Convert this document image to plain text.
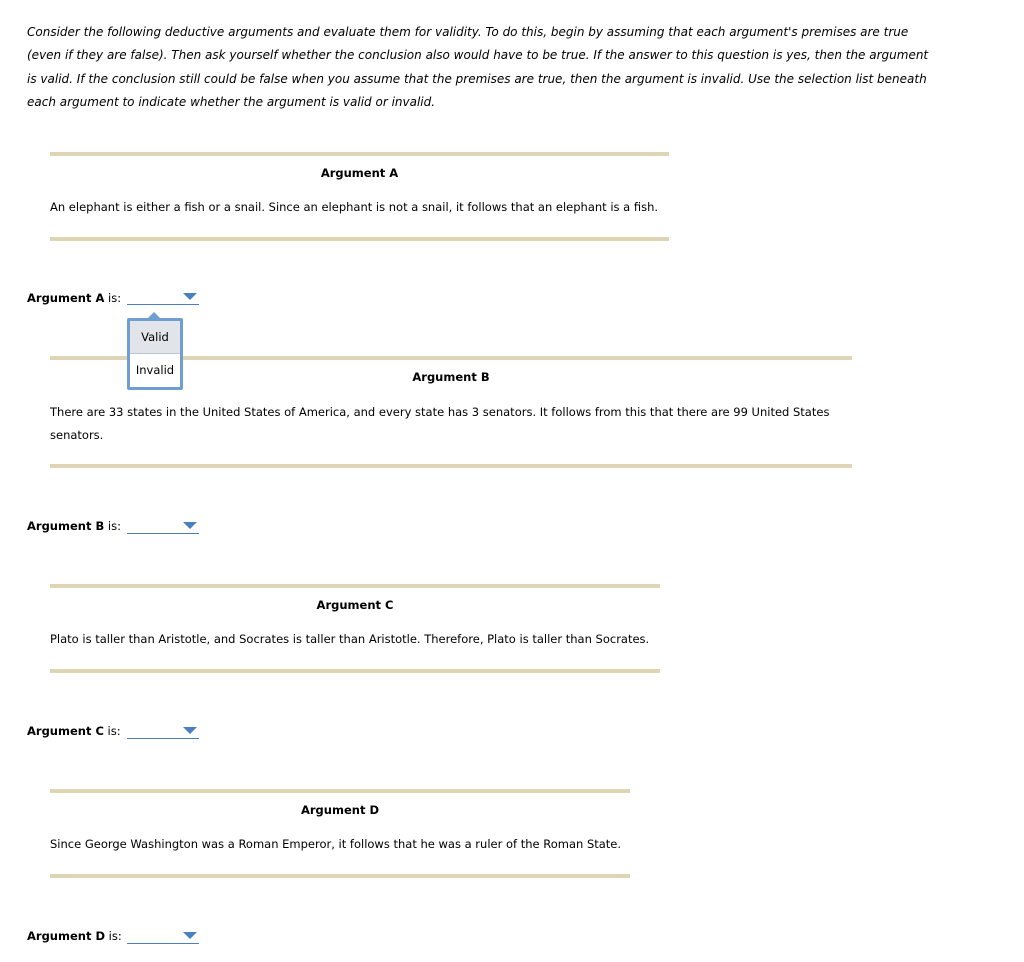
Consider the following deductive arguments and evaluate them for validity. To do this, begin by assuming that each argument's premises are true
(even if they are false). Then ask yourself whether the conclusion also would have to be true. If the answer to this question is yes, then the argument
is valid. If the conclusion still could be false when you assume that the premises are true, then the argument is invalid. Use the selection list beneath
each argument to indicate whether the argument is valid or invalid.
Argument A
An elephant is either a fish or a snail. Since an elephant is not a snail, it follows that an elephant is a fish.
Argument A is:
Argument B
There are 33 states in the United States of America, and every state has 3 senators. It follows from this that there are 99 United States
senators.
Argument B is:
Argument C
Plato is taller than Aristotle, and Socrates is taller than Aristotle. Therefore, Plato is taller than Socrates.
Argument C is:
Argument D
Since George Washington was a Roman Emperor, it follows that he was a ruler of the Roman State.
Argument D is:
Valid
Invalid
